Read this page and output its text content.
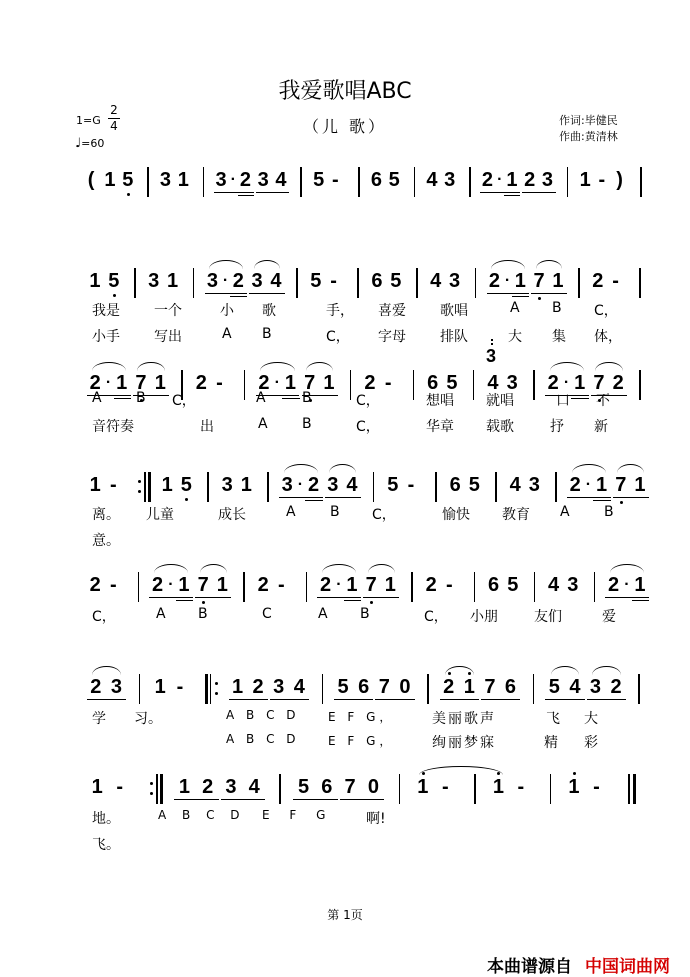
我爱歌唱ABC
（儿 歌）
1=G
2
4
♩=60
作词:毕健民
作曲:黄清林
( 1 5 3 1 3 · 2 3 4 5 - 6 5 4 3 2 · 1 2 3 1 - )
1 5 3 1 3 · 2 3 4 5 - 6 5 4 3 2 · 1 7 1 2 -
2 · 1 7 1 2 - 2 · 1 7 1 2 - 6 5 4 3 2 · 1 7 2
1 - 1 5 3 1 3 · 2 3 4 5 - 6 5 4 3 2 · 1 7 1
2 - 2 · 1 7 1 2 - 2 · 1 7 1 2 - 6 5 4 3 2 · 1
2 3 1 - 1 2 3 4 5 6 7 0 2 1 7 6 5 4 3 2
1 -	1 2 3 4 5 6 7 0 1 - 1 - 1 -
3
我是 一个	小 歌	手， 喜爱 歌唱	A B C，
小手 写出	A B	C， 字母 排队	大 集 体，
A B C，	A	B	C，	想唱 就唱	口 不
音符奏	出	A B	C，	华章 载歌	抒 新
离。 儿童	成长	A B C，	愉快 教育 A B
意。
C，	A B	C	A B	C， 小朋	友们	爱
学 习。	A B C D E F G，	美丽歌声	飞 大
A B C D E F G，	绚丽梦寐	精 彩
地。	A B C D E F G 啊!
飞。
第 1页
本曲谱源自 中国词曲网
